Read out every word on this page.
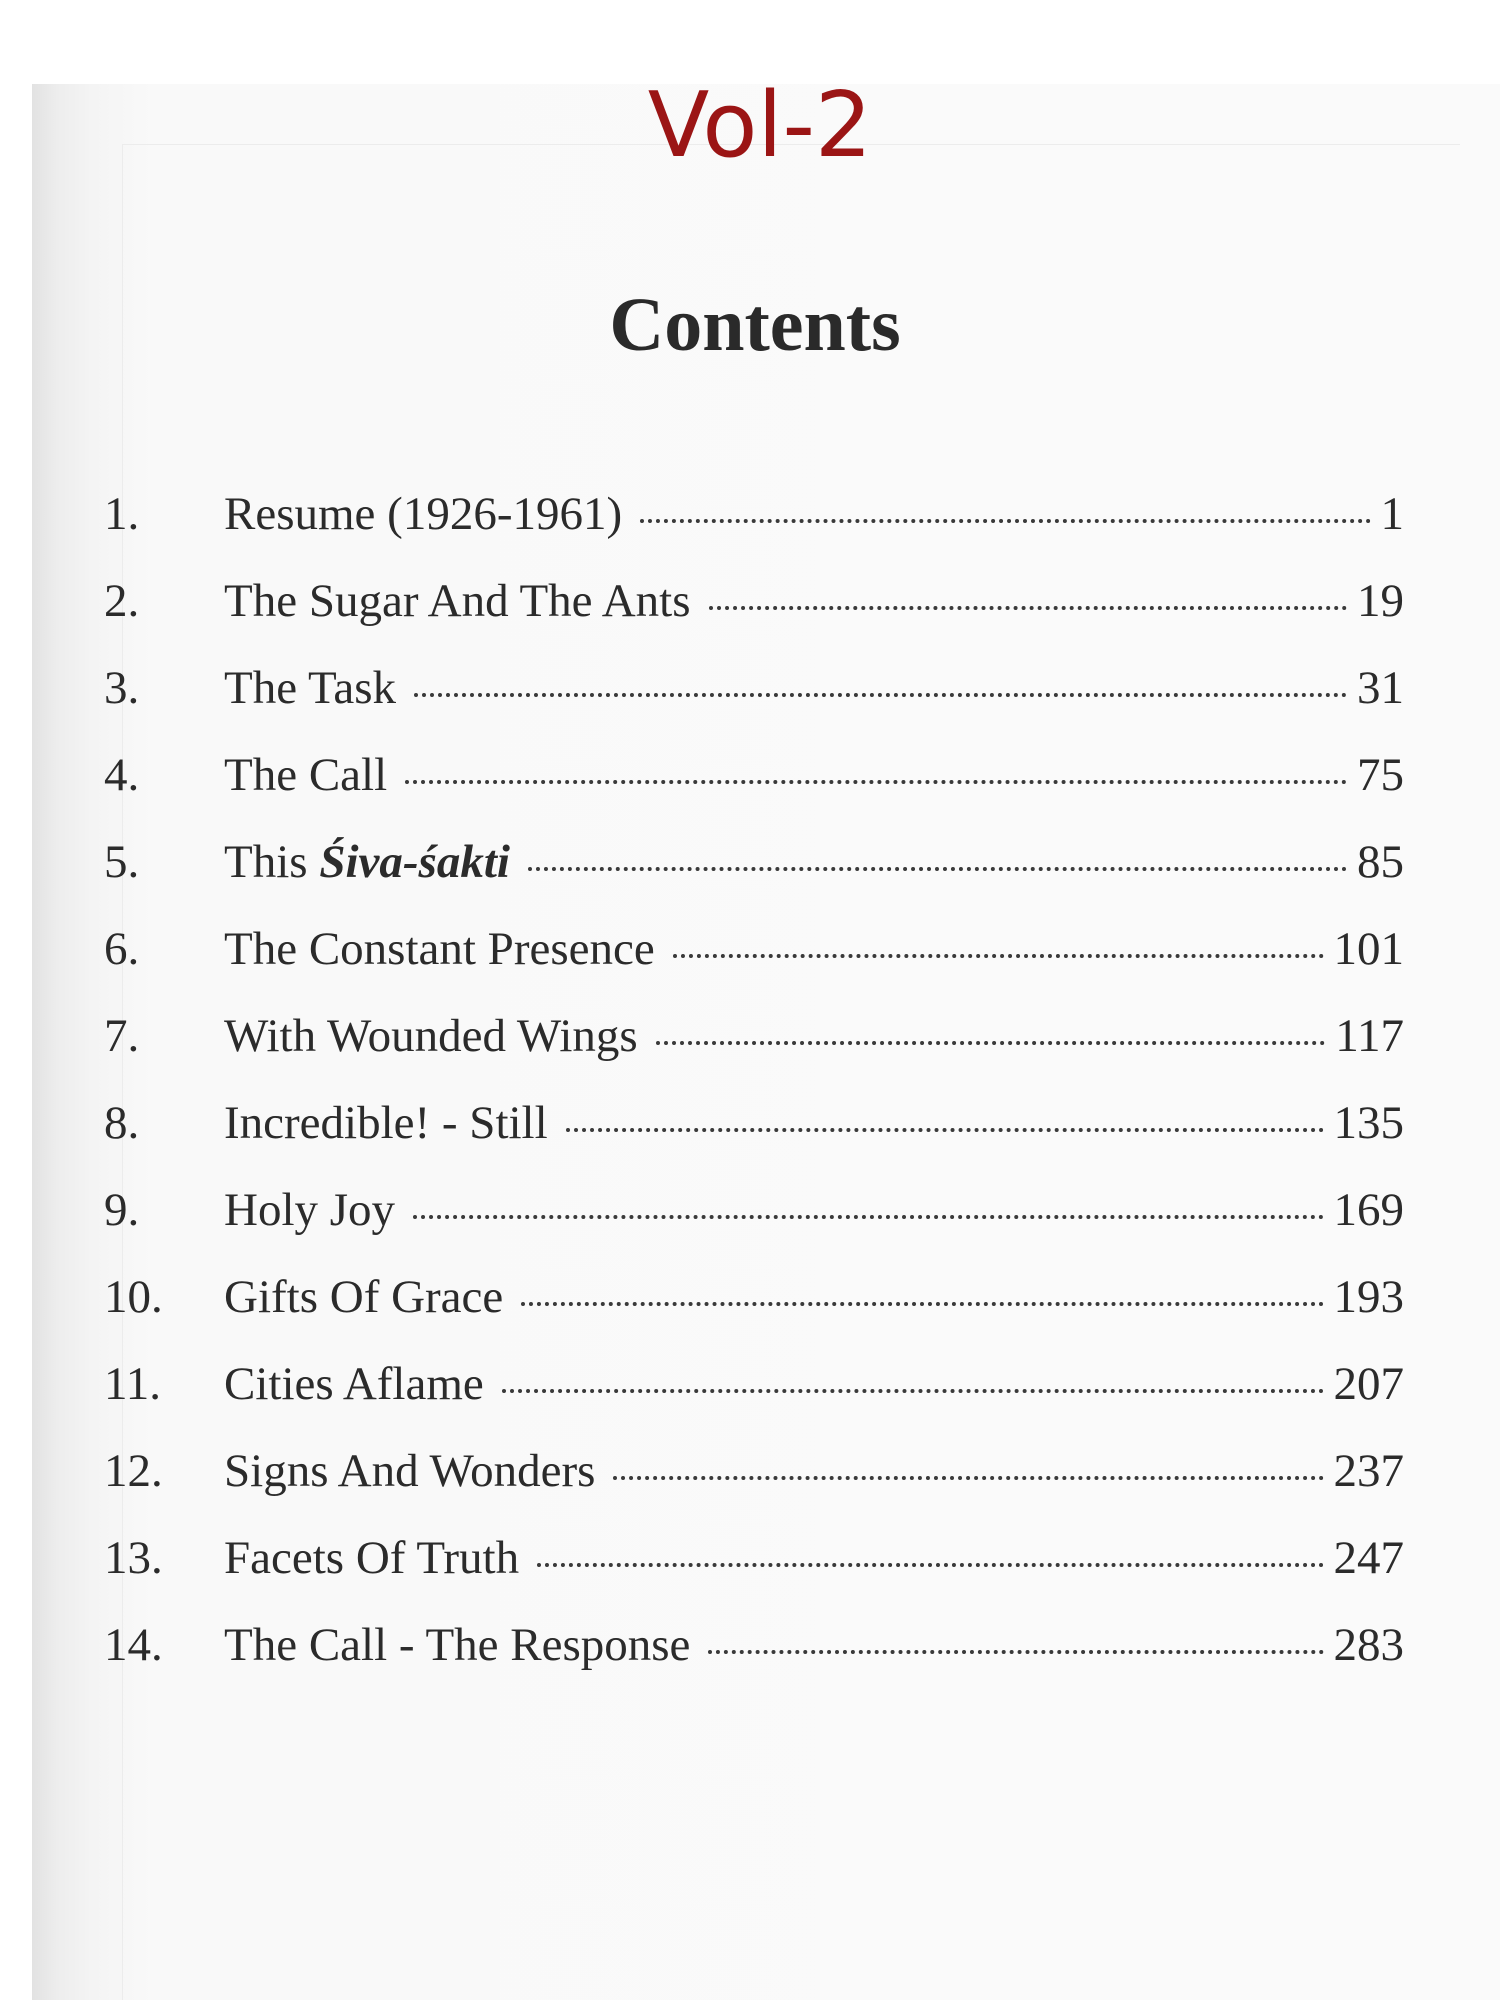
Vol-2
Contents
1.	Resume (1926-1961)	1
2.	The Sugar And The Ants	19
3.	The Task	31
4.	The Call	75
5.	This Śiva-śakti	85
6.	The Constant Presence	101
7.	With Wounded Wings	117
8.	Incredible! - Still	135
9.	Holy Joy	169
10.	Gifts Of Grace	193
11.	Cities Aflame	207
12.	Signs And Wonders	237
13.	Facets Of Truth	247
14.	The Call - The Response	283
